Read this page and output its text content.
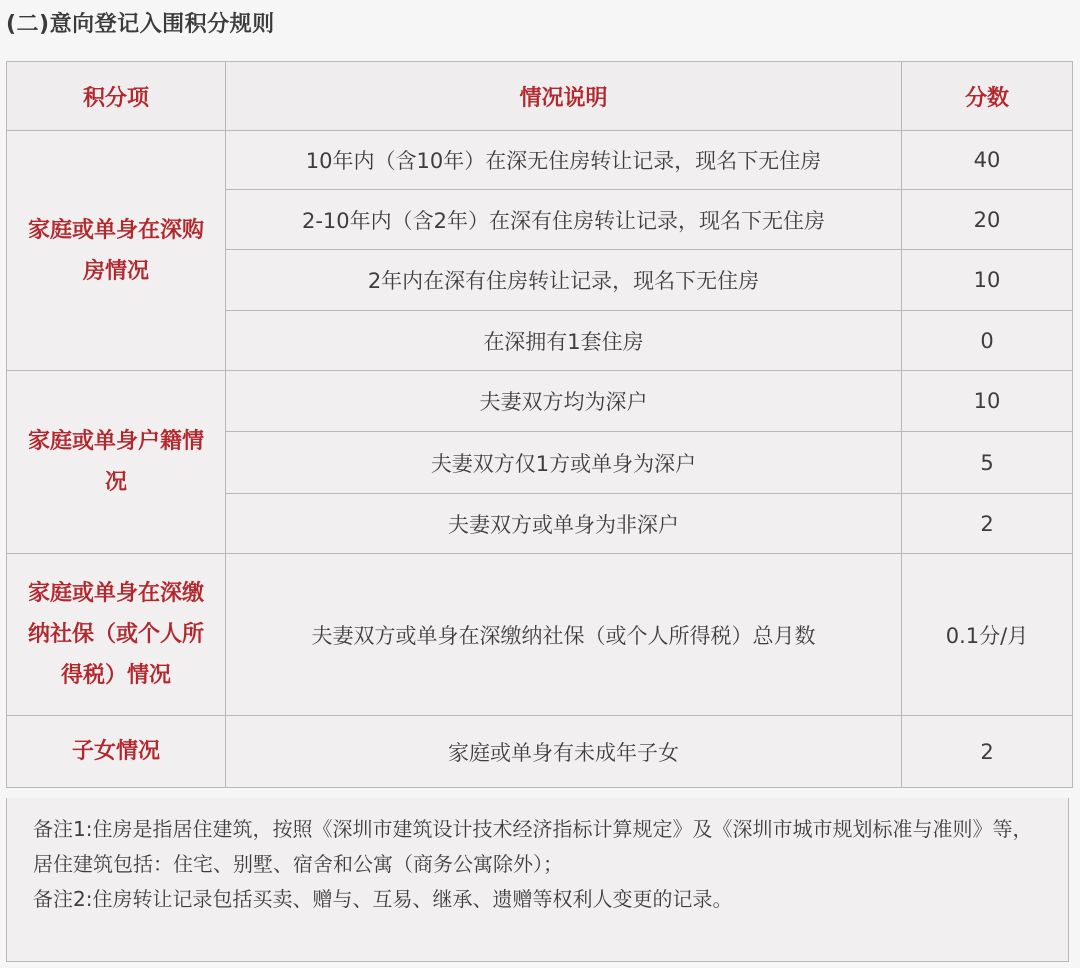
(二)意向登记入围积分规则
积分项	情况说明	分数
家庭或单身在深购房情况	10年内（含10年）在深无住房转让记录，现名下无住房	40
	2-10年内（含2年）在深有住房转让记录，现名下无住房	20
	2年内在深有住房转让记录，现名下无住房	10
	在深拥有1套住房	0
家庭或单身户籍情况	夫妻双方均为深户	10
	夫妻双方仅1方或单身为深户	5
	夫妻双方或单身为非深户	2
家庭或单身在深缴纳社保（或个人所得税）情况	夫妻双方或单身在深缴纳社保（或个人所得税）总月数	0.1分/月
子女情况	家庭或单身有未成年子女	2

备注1:住房是指居住建筑，按照《深圳市建筑设计技术经济指标计算规定》及《深圳市城市规划标准与准则》等，居住建筑包括：住宅、别墅、宿舍和公寓（商务公寓除外）；

备注2:住房转让记录包括买卖、赠与、互易、继承、遗赠等权利人变更的记录。
